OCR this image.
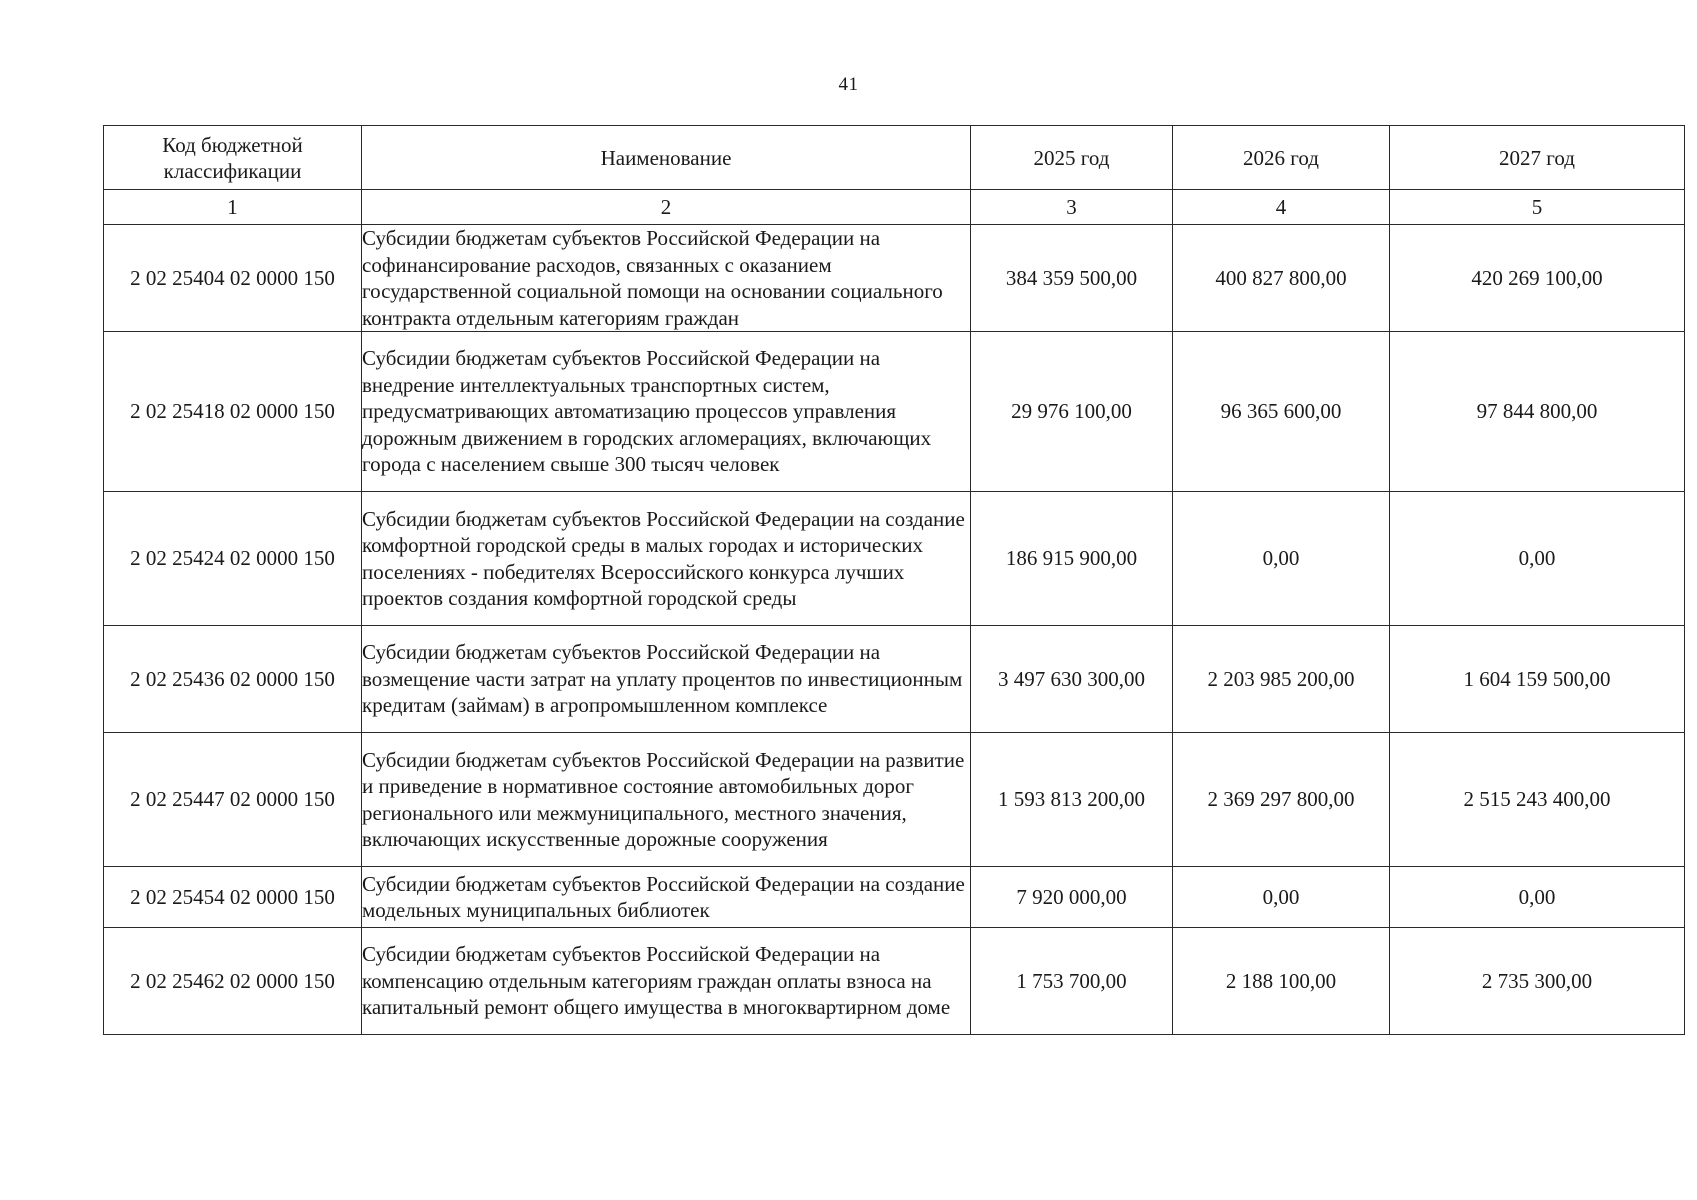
41
Код бюджетной классификации	Наименование	2025 год	2026 год	2027 год
1	2	3	4	5
2 02 25404 02 0000 150	Субсидии бюджетам субъектов Российской Федерации на софинансирование расходов, связанных с оказанием государственной социальной помощи на основании социального контракта отдельным категориям граждан	384 359 500,00	400 827 800,00	420 269 100,00
2 02 25418 02 0000 150	Субсидии бюджетам субъектов Российской Федерации на внедрение интеллектуальных транспортных систем, предусматривающих автоматизацию процессов управления дорожным движением в городских агломерациях, включающих города с населением свыше 300 тысяч человек	29 976 100,00	96 365 600,00	97 844 800,00
2 02 25424 02 0000 150	Субсидии бюджетам субъектов Российской Федерации на создание комфортной городской среды в малых городах и исторических поселениях - победителях Всероссийского конкурса лучших проектов создания комфортной городской среды	186 915 900,00	0,00	0,00
2 02 25436 02 0000 150	Субсидии бюджетам субъектов Российской Федерации на возмещение части затрат на уплату процентов по инвестиционным кредитам (займам) в агропромышленном комплексе	3 497 630 300,00	2 203 985 200,00	1 604 159 500,00
2 02 25447 02 0000 150	Субсидии бюджетам субъектов Российской Федерации на развитие и приведение в нормативное состояние автомобильных дорог регионального или межмуниципального, местного значения, включающих искусственные дорожные сооружения	1 593 813 200,00	2 369 297 800,00	2 515 243 400,00
2 02 25454 02 0000 150	Субсидии бюджетам субъектов Российской Федерации на создание модельных муниципальных библиотек	7 920 000,00	0,00	0,00
2 02 25462 02 0000 150	Субсидии бюджетам субъектов Российской Федерации на компенсацию отдельным категориям граждан оплаты взноса на капитальный ремонт общего имущества в многоквартирном доме	1 753 700,00	2 188 100,00	2 735 300,00
